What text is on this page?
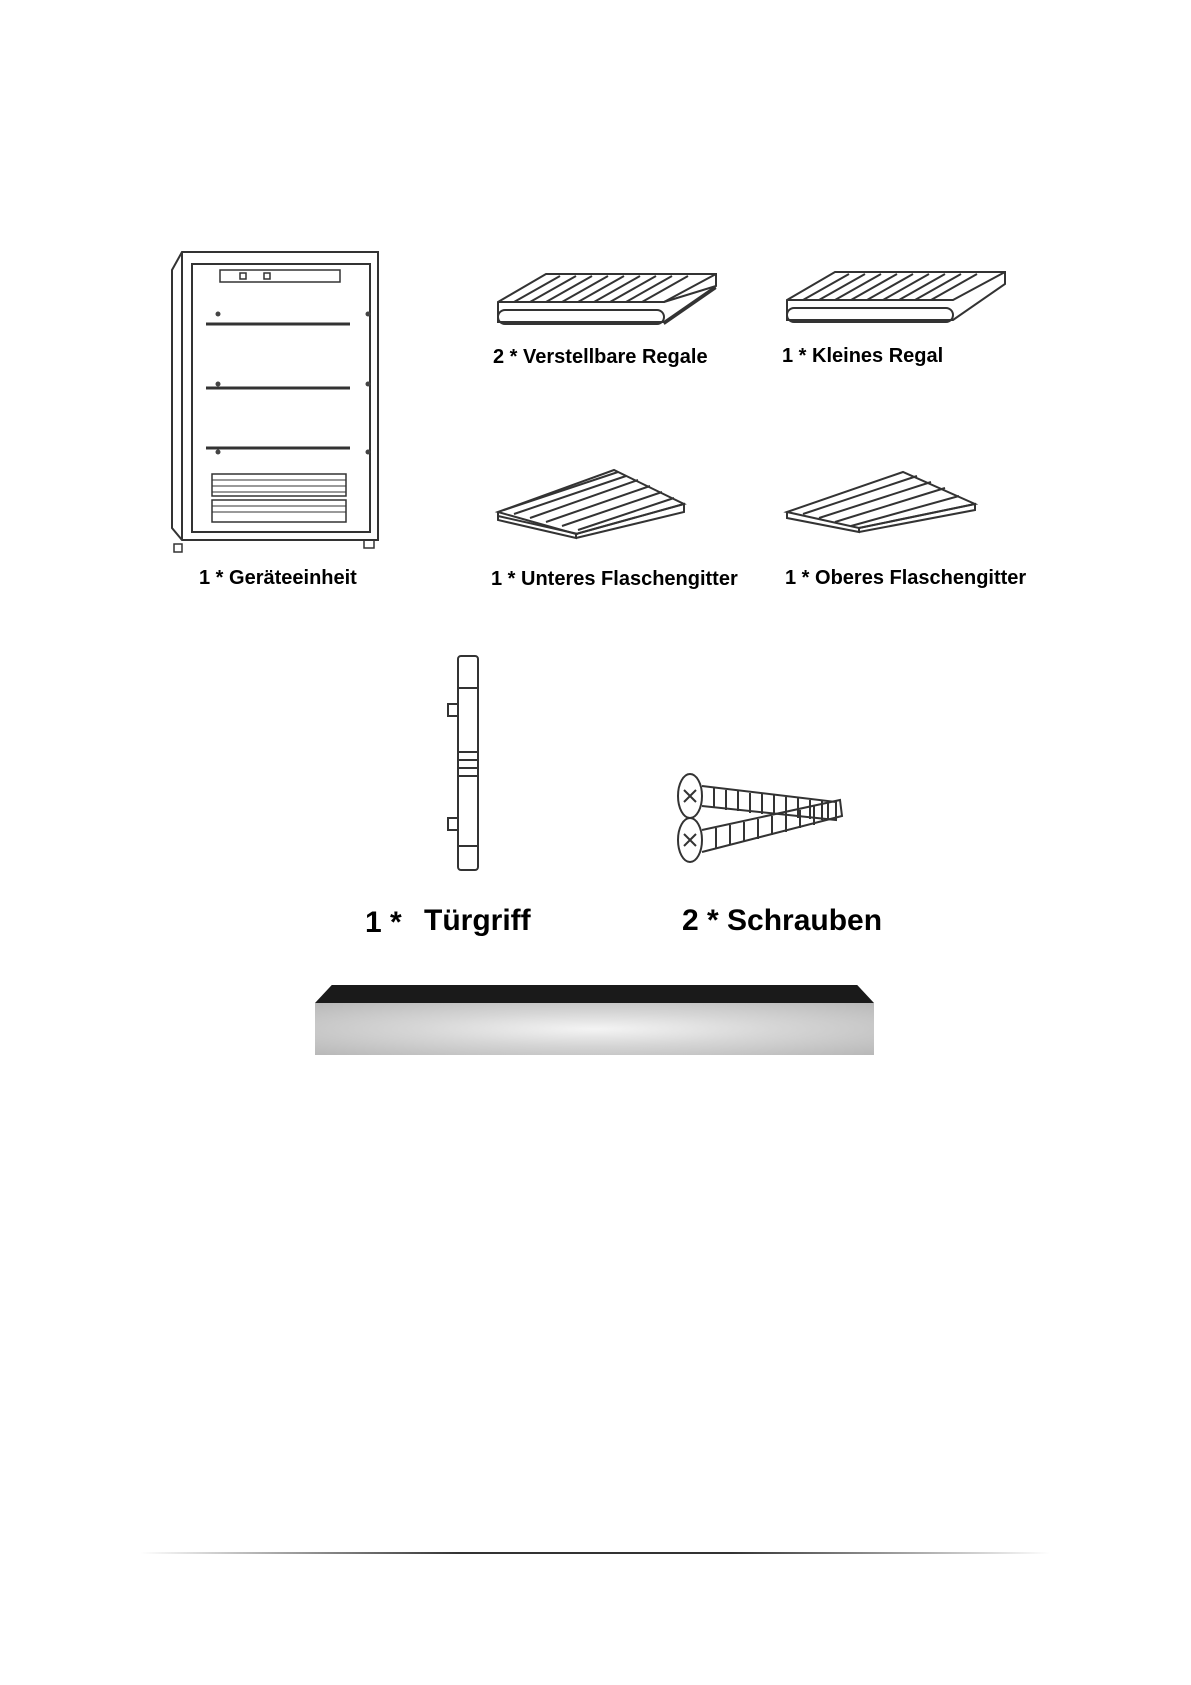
1 * Geräteeinheit
2 * Verstellbare Regale	1 * Kleines Regal
1 * Unteres Flaschengitter 1 * Oberes Flaschengitter
1 * Türgriff	2 * Schrauben
